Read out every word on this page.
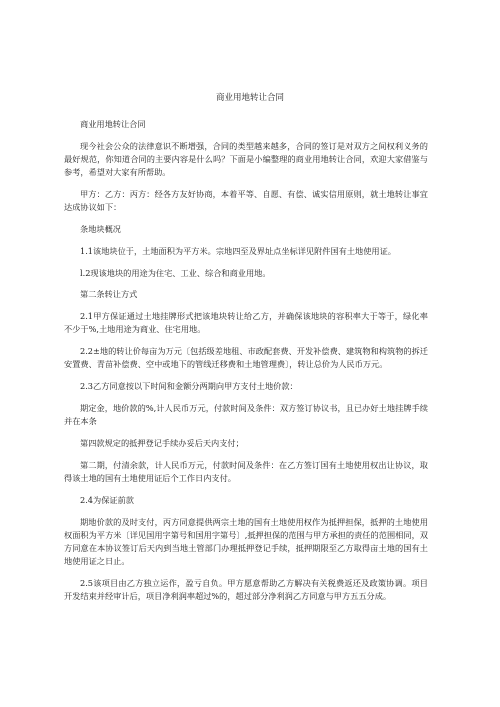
商业用地转让合同

商业用地转让合同

现今社会公众的法律意识不断增强，合同的类型越来越多，合同的签订是对双方之间权利义务的最好规范，你知道合同的主要内容是什么吗？下面是小编整理的商业用地转让合同，欢迎大家借鉴与参考，希望对大家有所帮助。

甲方：乙方：丙方：经各方友好协商，本着平等、自愿、有偿、诚实信用原则，就土地转让事宜达成协议如下：

条地块概况

1.1该地块位于，土地面积为平方米。宗地四至及界址点坐标详见附件国有土地使用证。

l.2现该地块的用途为住宅、工业、综合和商业用地。

第二条转让方式

2.1甲方保证通过土地挂牌形式把该地块转让给乙方，并确保该地块的容积率大于等于，绿化率不少于%,土地用途为商业、住宅用地。

2.2±地的转让价每亩为万元〔包括级差地租、市政配套费、开发补偿费、建筑物和构筑物的拆迁安置费、青苗补偿费、空中或地下的管线迁移费和土地管理费〕，转让总价为人民币万元。

2.3乙方同意按以下时间和金额分两期向甲方支付土地价款：

期定金，地价款的%,计人民币万元，付款时间及条件：双方签订协议书，且已办好土地挂牌手续并在本条

第四款规定的抵押登记手续办妥后天内支付；

第二期，付清余款，计人民币万元，付款时间及条件：在乙方签订国有土地使用权出让协议，取得该土地的国有土地使用证后个工作日内支付。

2.4为保证前款

期地价款的及时支付，丙方同意提供两宗土地的国有土地使用权作为抵押担保，抵押的土地使用权面积为平方米〔详见国用字第号和国用字第号〕,抵押担保的范围与甲方承担的责任的范围相同，双方同意在本协议签订后天内到当地土管部门办理抵押登记手续，抵押期限至乙方取得亩土地的国有土地使用证之日止。

2.5该项目由乙方独立运作，盈亏自负。甲方愿意帮助乙方解决有关税费返还及政策协调。项目开发结束并经审计后，项目净利润率超过%的，超过部分净利润乙方同意与甲方五五分成。
